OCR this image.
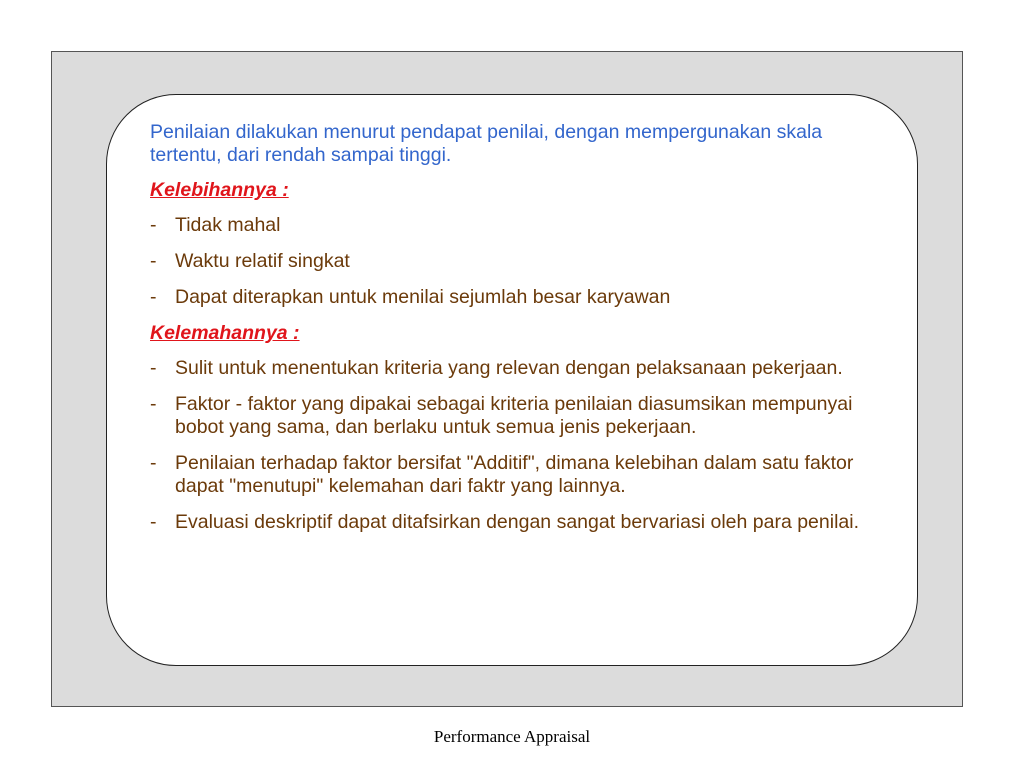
Penilaian dilakukan menurut pendapat penilai, dengan mempergunakan skala tertentu, dari rendah sampai tinggi.

Kelebihannya :

- Tidak mahal
- Waktu relatif singkat
- Dapat diterapkan untuk menilai sejumlah besar karyawan

Kelemahannya :

- Sulit untuk menentukan kriteria yang relevan dengan pelaksanaan pekerjaan.
- Faktor - faktor yang dipakai sebagai kriteria penilaian diasumsikan mempunyai bobot yang sama, dan berlaku untuk semua jenis pekerjaan.
- Penilaian terhadap faktor bersifat "Additif", dimana kelebihan dalam satu faktor dapat "menutupi" kelemahan dari faktr yang lainnya.
- Evaluasi deskriptif dapat ditafsirkan dengan sangat bervariasi oleh para penilai.
Performance Appraisal
